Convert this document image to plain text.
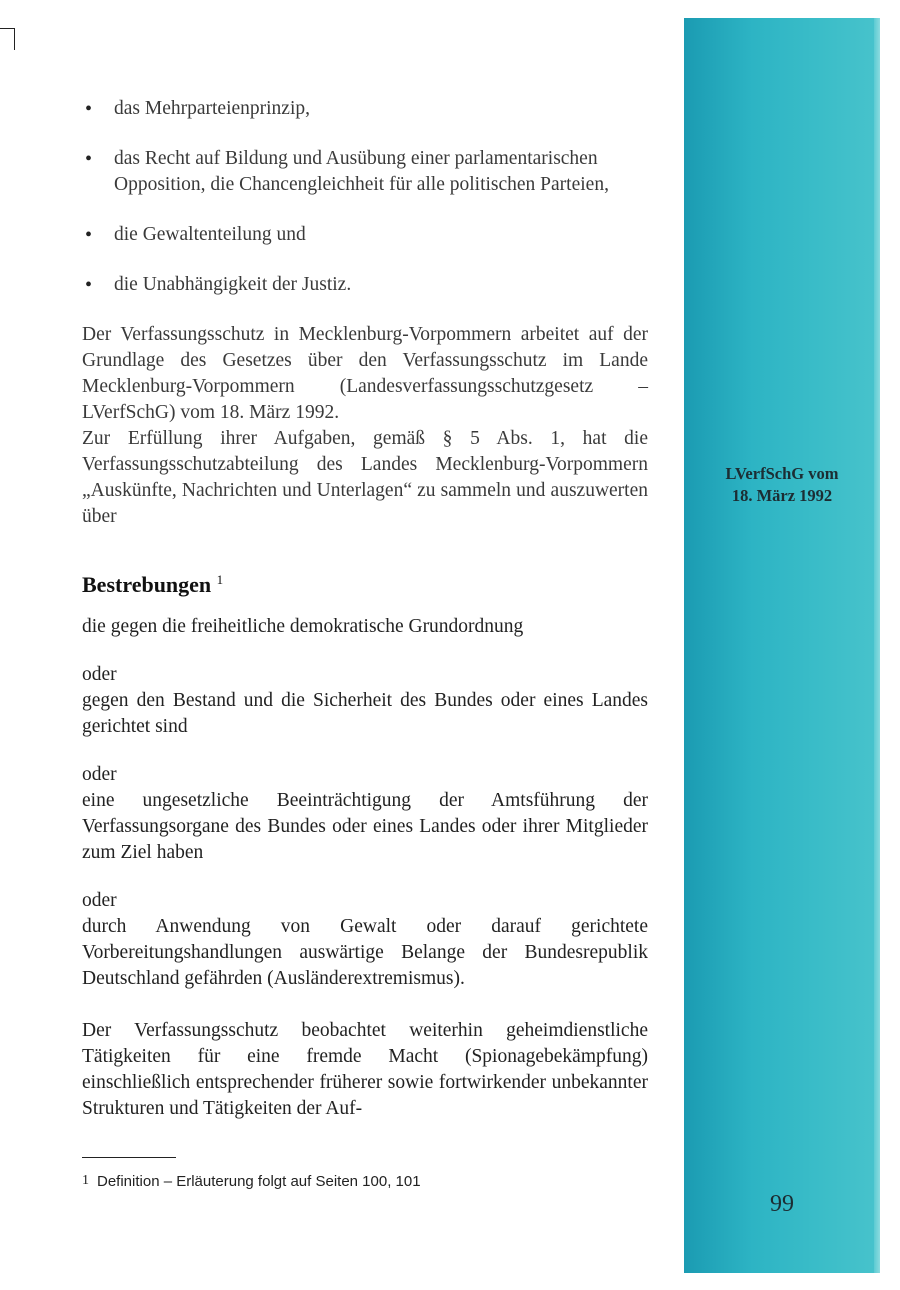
• das Mehrparteienprinzip,
• das Recht auf Bildung und Ausübung einer parlamentarischen Opposition, die Chancengleichheit für alle politischen Parteien,
• die Gewaltenteilung und
• die Unabhängigkeit der Justiz.

Der Verfassungsschutz in Mecklenburg-Vorpommern arbeitet auf der Grundlage des Gesetzes über den Verfassungsschutz im Lande Mecklenburg-Vorpommern (Landesverfassungsschutzgesetz – LVerfSchG) vom 18. März 1992.
Zur Erfüllung ihrer Aufgaben, gemäß § 5 Abs. 1, hat die Verfassungsschutzabteilung des Landes Mecklenburg-Vorpommern „Auskünfte, Nachrichten und Unterlagen“ zu sammeln und auszuwerten über

Bestrebungen $^1$

die gegen die freiheitliche demokratische Grundordnung

oder
gegen den Bestand und die Sicherheit des Bundes oder eines Landes gerichtet sind

oder
eine ungesetzliche Beeinträchtigung der Amtsführung der Verfassungsorgane des Bundes oder eines Landes oder ihrer Mitglieder zum Ziel haben

oder
durch Anwendung von Gewalt oder darauf gerichtete Vorbereitungshandlungen auswärtige Belange der Bundesrepublik Deutschland gefährden (Ausländerextremismus).

Der Verfassungsschutz beobachtet weiterhin geheimdienstliche Tätigkeiten für eine fremde Macht (Spionagebekämpfung) einschließlich entsprechender früherer sowie fortwirkender unbekannter Strukturen und Tätigkeiten der Auf-

$^1$ Definition – Erläuterung folgt auf Seiten 100, 101
LVerfSchG vom
18. März 1992
99
